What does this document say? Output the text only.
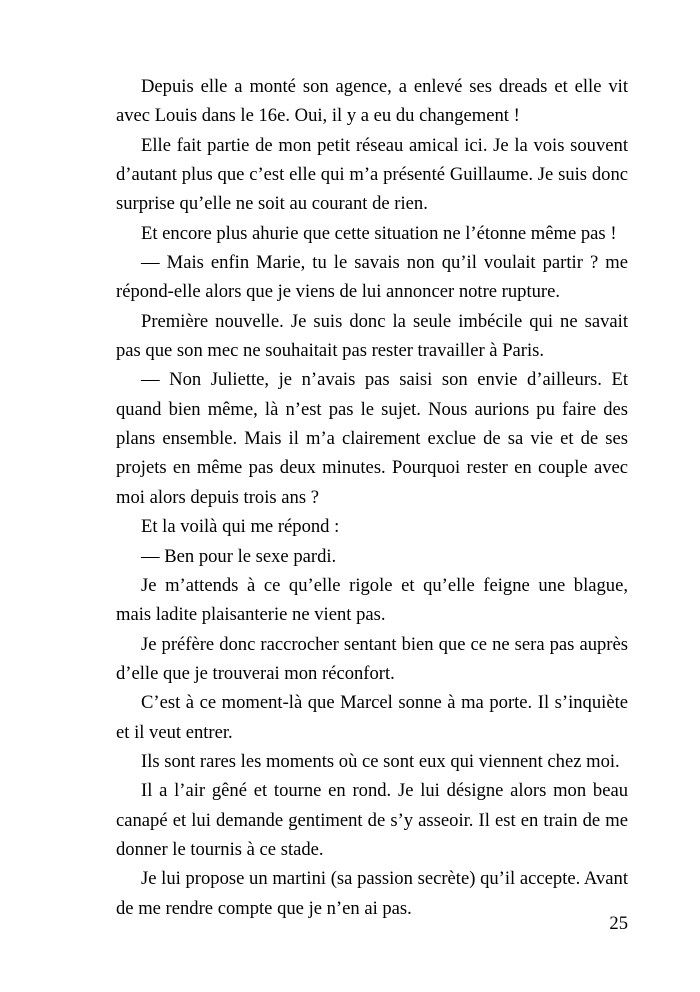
Depuis elle a monté son agence, a enlevé ses dreads et elle vit avec Louis dans le 16e. Oui, il y a eu du changement !

Elle fait partie de mon petit réseau amical ici. Je la vois souvent d’autant plus que c’est elle qui m’a présenté Guillaume. Je suis donc surprise qu’elle ne soit au courant de rien.

Et encore plus ahurie que cette situation ne l’étonne même pas !

— Mais enfin Marie, tu le savais non qu’il voulait partir ? me répond-elle alors que je viens de lui annoncer notre rupture.

Première nouvelle. Je suis donc la seule imbécile qui ne savait pas que son mec ne souhaitait pas rester travailler à Paris.

— Non Juliette, je n’avais pas saisi son envie d’ailleurs. Et quand bien même, là n’est pas le sujet. Nous aurions pu faire des plans ensemble. Mais il m’a clairement exclue de sa vie et de ses projets en même pas deux minutes. Pourquoi rester en couple avec moi alors depuis trois ans ?

Et la voilà qui me répond :

— Ben pour le sexe pardi.

Je m’attends à ce qu’elle rigole et qu’elle feigne une blague, mais ladite plaisanterie ne vient pas.

Je préfère donc raccrocher sentant bien que ce ne sera pas auprès d’elle que je trouverai mon réconfort.

C’est à ce moment-là que Marcel sonne à ma porte. Il s’inquiète et il veut entrer.

Ils sont rares les moments où ce sont eux qui viennent chez moi.

Il a l’air gêné et tourne en rond. Je lui désigne alors mon beau canapé et lui demande gentiment de s’y asseoir. Il est en train de me donner le tournis à ce stade.

Je lui propose un martini (sa passion secrète) qu’il accepte. Avant de me rendre compte que je n’en ai pas.

25
